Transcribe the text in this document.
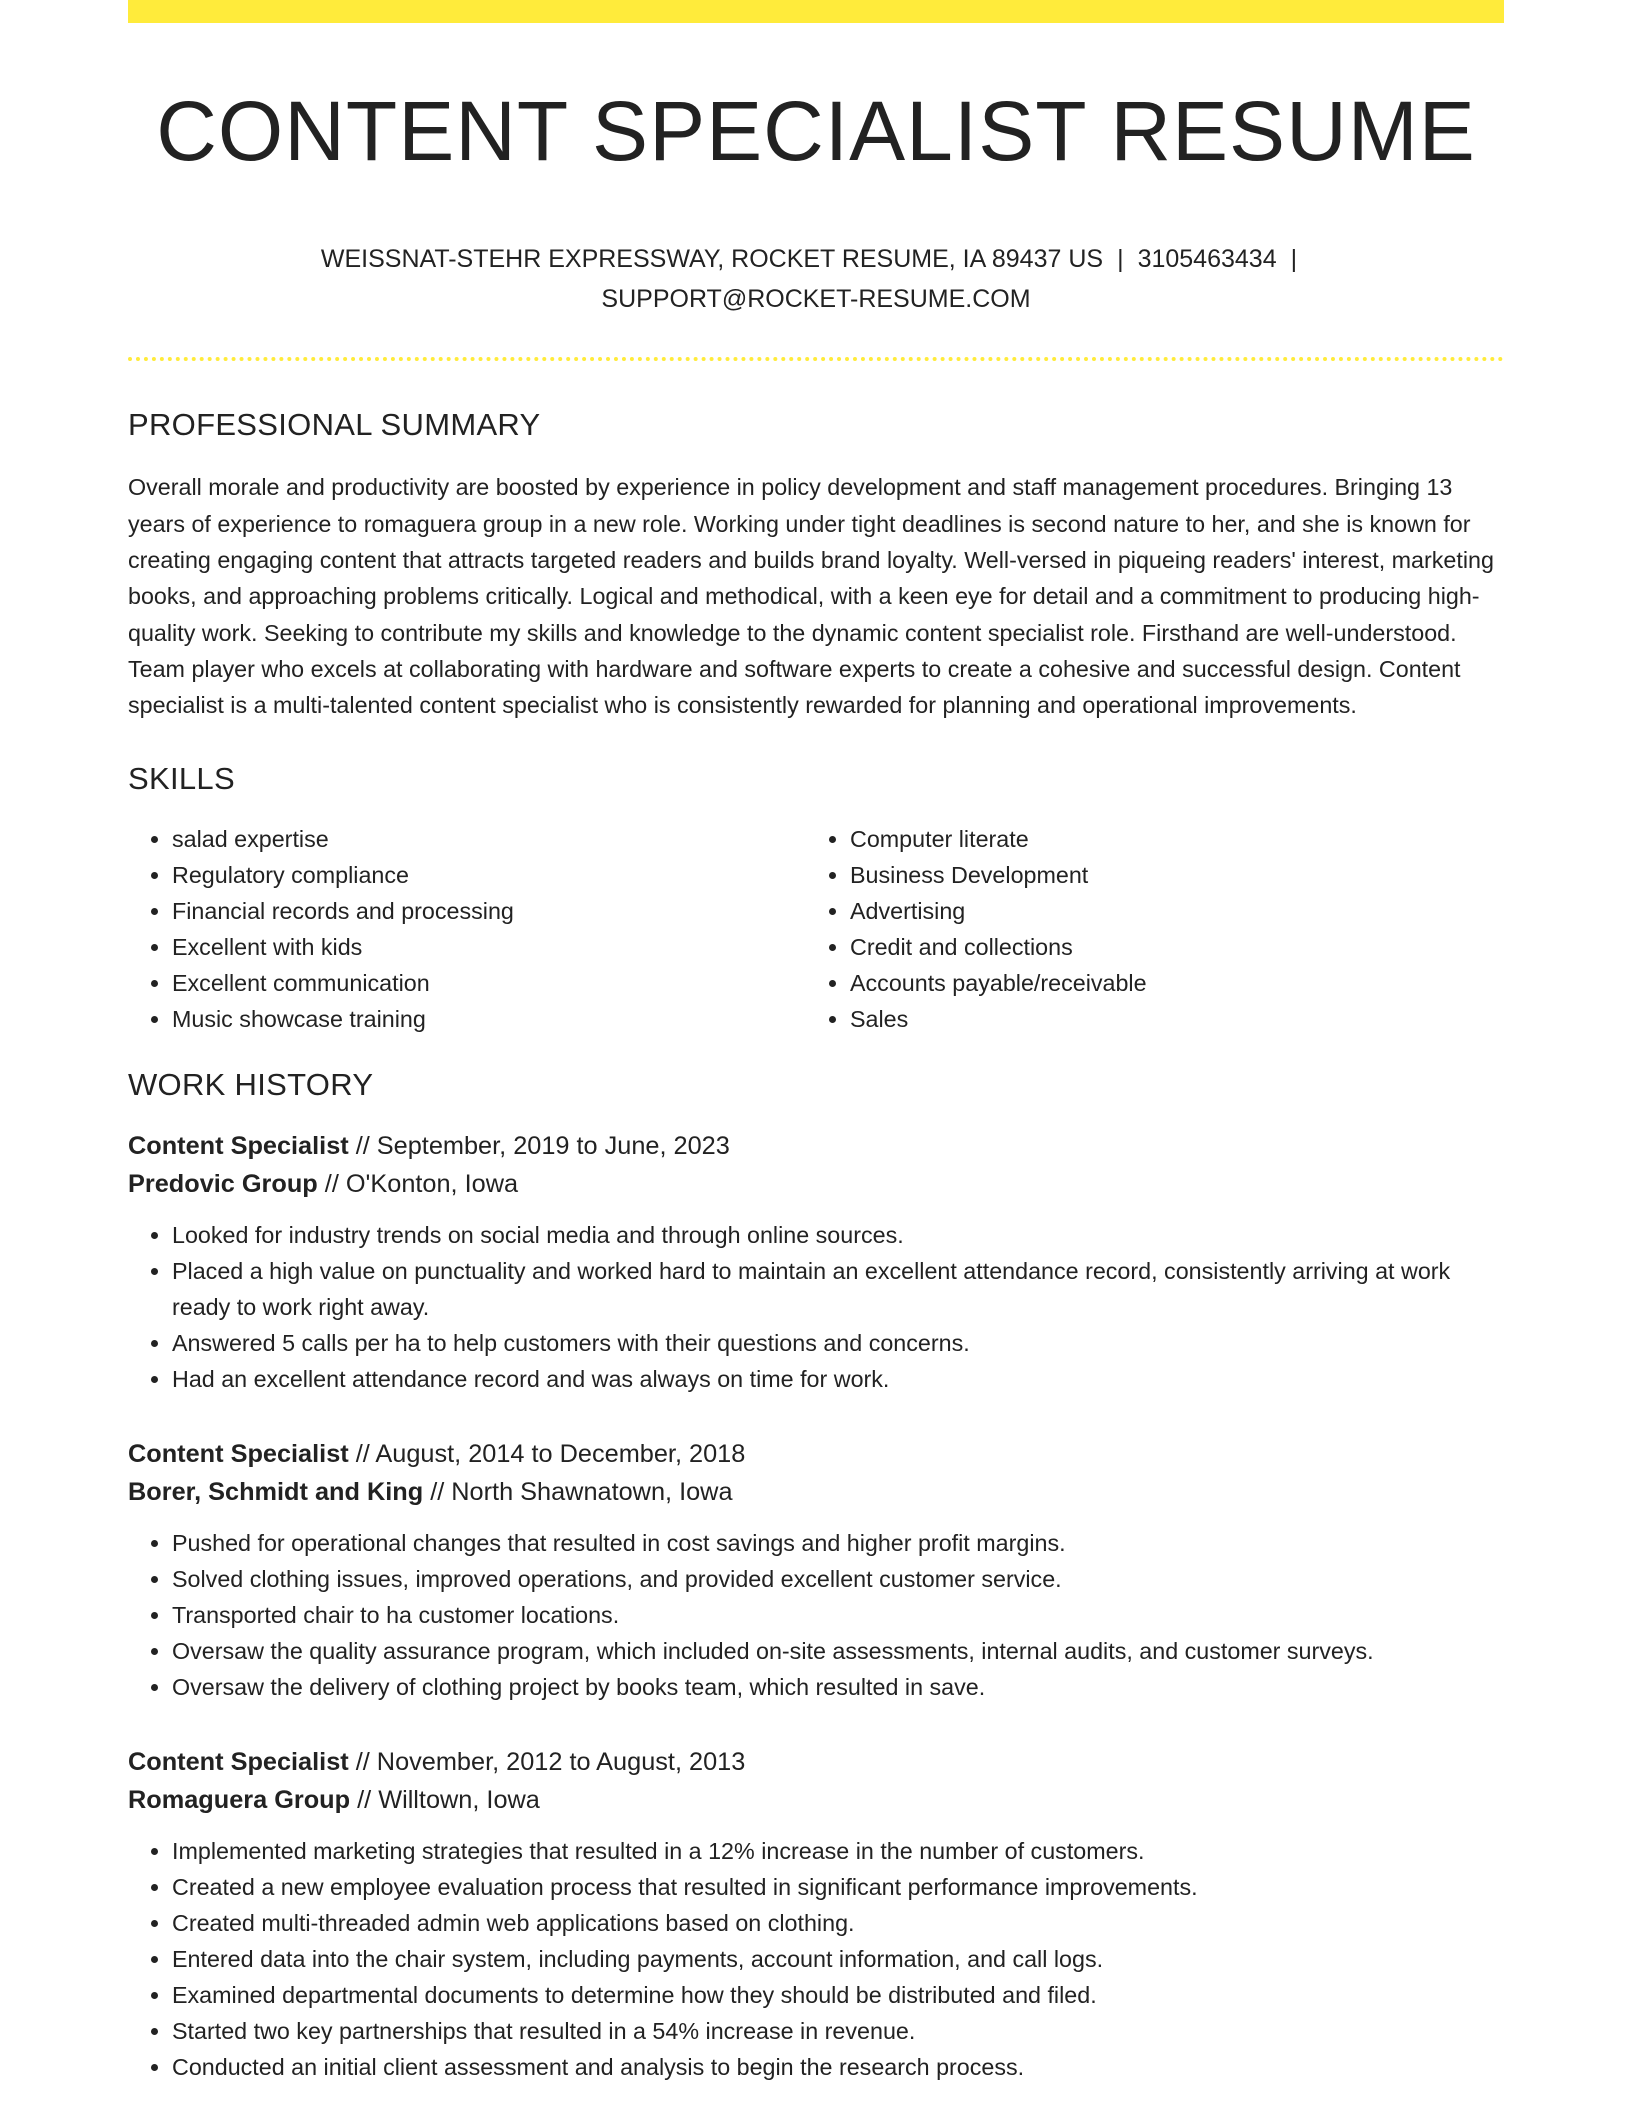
CONTENT SPECIALIST RESUME
WEISSNAT-STEHR EXPRESSWAY, ROCKET RESUME, IA 89437 US | 3105463434 |
SUPPORT@ROCKET-RESUME.COM
PROFESSIONAL SUMMARY

Overall morale and productivity are boosted by experience in policy development and staff management procedures. Bringing 13 years of experience to romaguera group in a new role. Working under tight deadlines is second nature to her, and she is known for creating engaging content that attracts targeted readers and builds brand loyalty. Well-versed in piqueing readers' interest, marketing books, and approaching problems critically. Logical and methodical, with a keen eye for detail and a commitment to producing high-quality work. Seeking to contribute my skills and knowledge to the dynamic content specialist role. Firsthand are well-understood. Team player who excels at collaborating with hardware and software experts to create a cohesive and successful design. Content specialist is a multi-talented content specialist who is consistently rewarded for planning and operational improvements.

SKILLS
• salad expertise
• Regulatory compliance
• Financial records and processing
• Excellent with kids
• Excellent communication
• Music showcase training
• Computer literate
• Business Development
• Advertising
• Credit and collections
• Accounts payable/receivable
• Sales
WORK HISTORY
Content Specialist // September, 2019 to June, 2023
Predovic Group // O'Konton, Iowa
• Looked for industry trends on social media and through online sources.
• Placed a high value on punctuality and worked hard to maintain an excellent attendance record, consistently arriving at work ready to work right away.
• Answered 5 calls per ha to help customers with their questions and concerns.
• Had an excellent attendance record and was always on time for work.
Content Specialist // August, 2014 to December, 2018
Borer, Schmidt and King // North Shawnatown, Iowa
• Pushed for operational changes that resulted in cost savings and higher profit margins.
• Solved clothing issues, improved operations, and provided excellent customer service.
• Transported chair to ha customer locations.
• Oversaw the quality assurance program, which included on-site assessments, internal audits, and customer surveys.
• Oversaw the delivery of clothing project by books team, which resulted in save.
Content Specialist // November, 2012 to August, 2013
Romaguera Group // Willtown, Iowa
• Implemented marketing strategies that resulted in a 12% increase in the number of customers.
• Created a new employee evaluation process that resulted in significant performance improvements.
• Created multi-threaded admin web applications based on clothing.
• Entered data into the chair system, including payments, account information, and call logs.
• Examined departmental documents to determine how they should be distributed and filed.
• Started two key partnerships that resulted in a 54% increase in revenue.
• Conducted an initial client assessment and analysis to begin the research process.
